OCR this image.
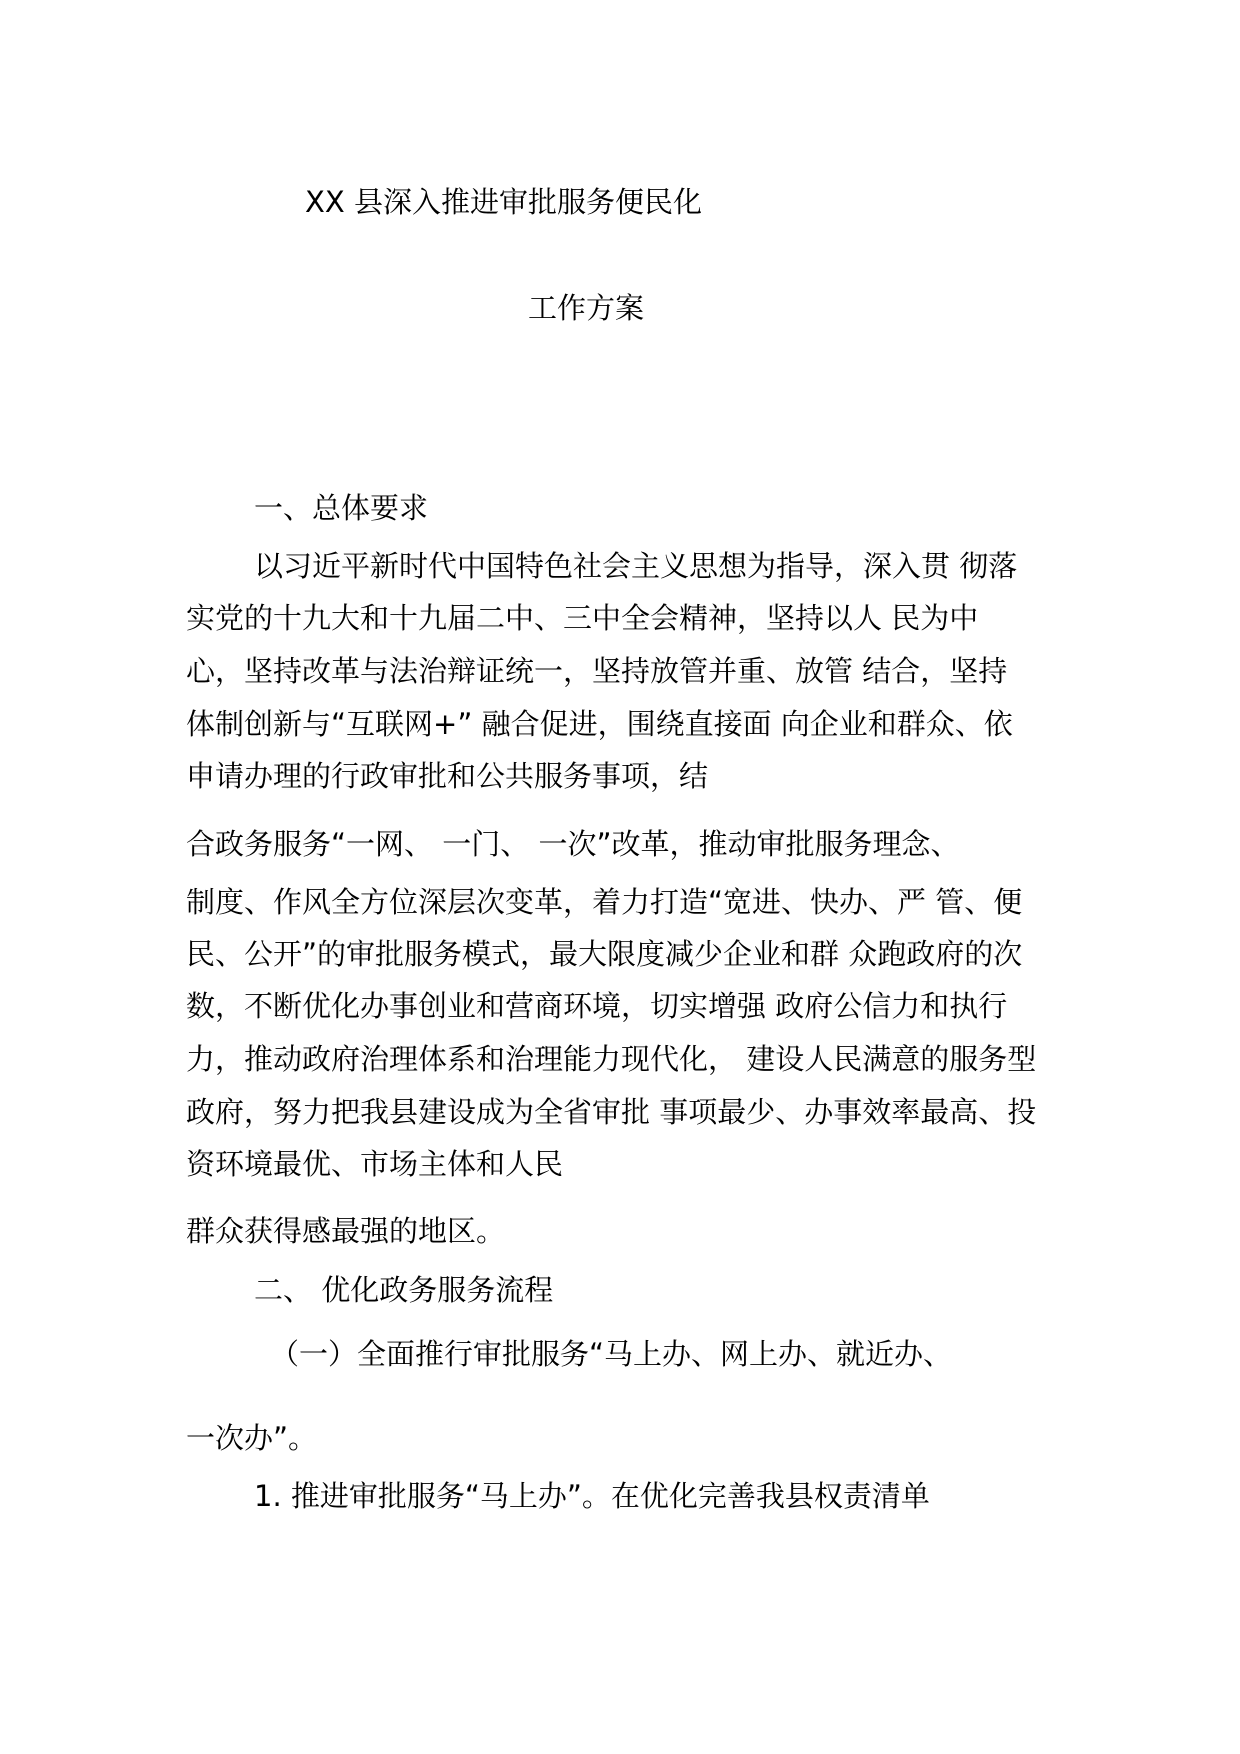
XX 县深入推进审批服务便民化
工作方案
一、总体要求
以习近平新时代中国特色社会主义思想为指导，深入贯 彻落
实党的十九大和十九届二中、三中全会精神，坚持以人 民为中
心，坚持改革与法治辩证统一，坚持放管并重、放管 结合，坚持
体制创新与“互联网+” 融合促进，围绕直接面 向企业和群众、依
申请办理的行政审批和公共服务事项，结
合政务服务“一网、 一门、 一次”改革，推动审批服务理念、
制度、作风全方位深层次变革，着力打造“宽进、快办、严 管、便
民、公开”的审批服务模式，最大限度减少企业和群 众跑政府的次
数，不断优化办事创业和营商环境，切实增强 政府公信力和执行
力，推动政府治理体系和治理能力现代化， 建设人民满意的服务型
政府，努力把我县建设成为全省审批 事项最少、办事效率最高、投
资环境最优、市场主体和人民
群众获得感最强的地区。
二、 优化政务服务流程
（一）全面推行审批服务“马上办、网上办、就近办、
一次办”。
1. 推进审批服务“马上办”。在优化完善我县权责清单
